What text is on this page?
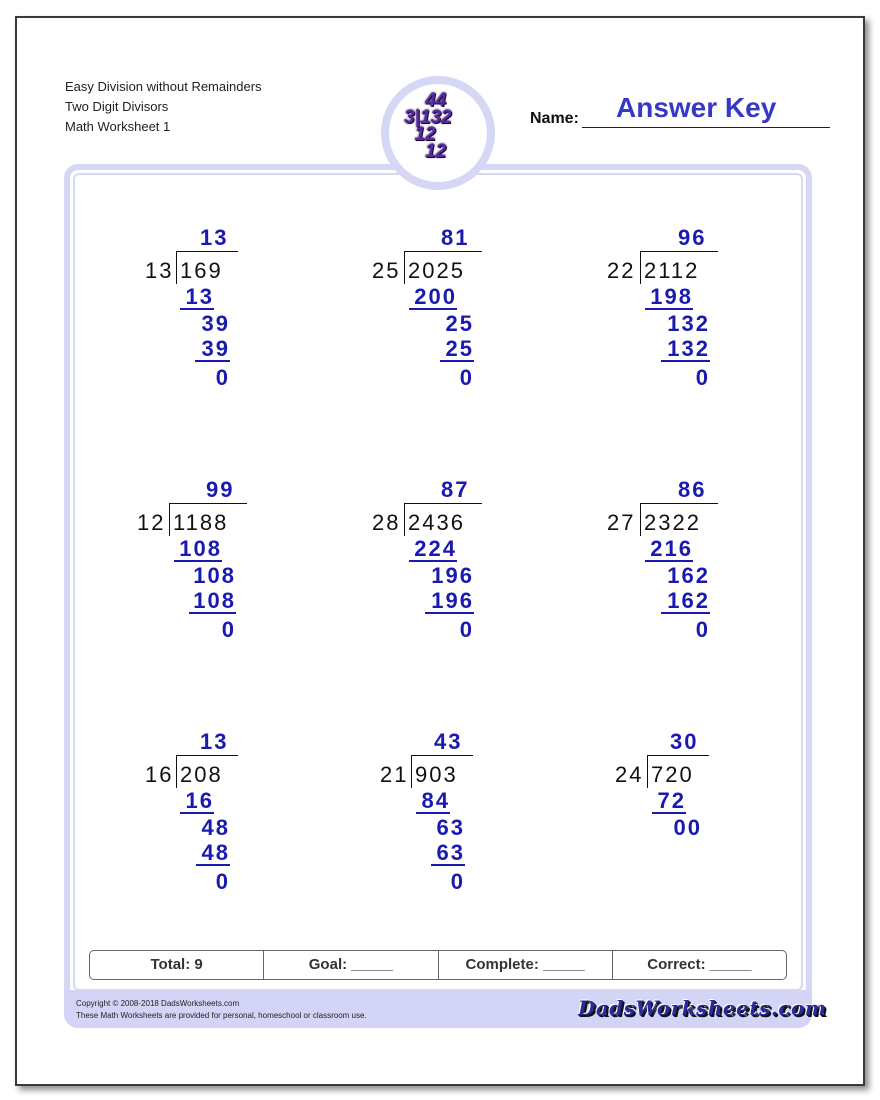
Easy Division without Remainders
Two Digit Divisors
Math Worksheet 1
44
3|132
12
12
Name: Answer Key
13
13 169
13
39
39
0
81
25 2025
200
25
25
0
96
22 2112
198
132
132
0
99
12 1188
108
108
108
0
87
28 2436
224
196
196
0
86
27 2322
216
162
162
0
13
16 208
16
48
48
0
43
21 903
84
63
63
0
30
24 720
72
00
Total: 9	Goal: _____	Complete: _____	Correct: _____
Copyright © 2008-2018 DadsWorksheets.com
These Math Worksheets are provided for personal, homeschool or classroom use.	DadsWorksheets.com
